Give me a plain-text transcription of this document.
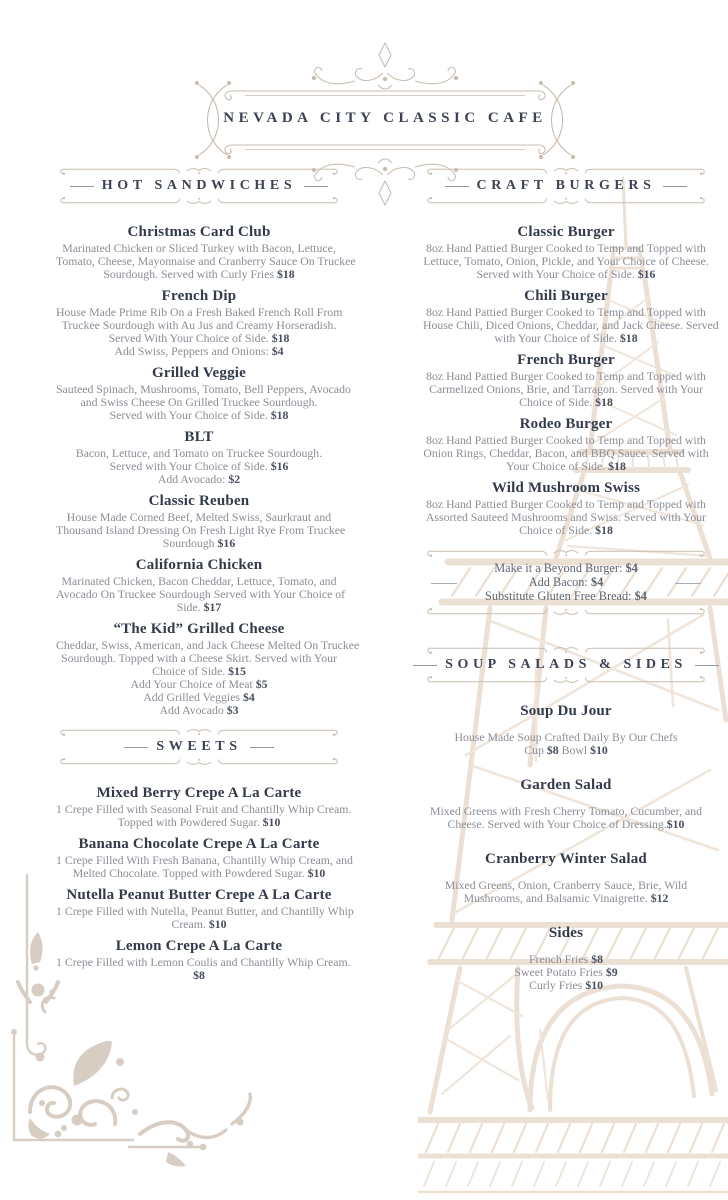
NEVADA CITY CLASSIC CAFE
HOT SANDWICHES
Christmas Card Club
Marinated Chicken or Sliced Turkey with Bacon, Lettuce,
Tomato, Cheese, Mayonnaise and Cranberry Sauce On Truckee
Sourdough. Served with Curly Fries $18
French Dip
House Made Prime Rib On a Fresh Baked French Roll From
Truckee Sourdough with Au Jus and Creamy Horseradish.
Served With Your Choice of Side. $18
Add Swiss, Peppers and Onions: $4
Grilled Veggie
Sauteed Spinach, Mushrooms, Tomato, Bell Peppers, Avocado
and Swiss Cheese On Grilled Truckee Sourdough.
Served with Your Choice of Side. $18
BLT
Bacon, Lettuce, and Tomato on Truckee Sourdough.
Served with Your Choice of Side. $16
Add Avocado: $2
Classic Reuben
House Made Corned Beef, Melted Swiss, Saurkraut and
Thousand Island Dressing On Fresh Light Rye From Truckee
Sourdough $16
California Chicken
Marinated Chicken, Bacon Cheddar, Lettuce, Tomato, and
Avocado On Truckee Sourdough Served with Your Choice of
Side. $17
“The Kid” Grilled Cheese
Cheddar, Swiss, American, and Jack Cheese Melted On Truckee
Sourdough. Topped with a Cheese Skirt. Served with Your
Choice of Side. $15
Add Your Choice of Meat $5
Add Grilled Veggies $4
Add Avocado $3
SWEETS
Mixed Berry Crepe A La Carte
1 Crepe Filled with Seasonal Fruit and Chantilly Whip Cream.
Topped with Powdered Sugar. $10
Banana Chocolate Crepe A La Carte
1 Crepe Filled With Fresh Banana, Chantilly Whip Cream, and
Melted Chocolate. Topped with Powdered Sugar. $10
Nutella Peanut Butter Crepe A La Carte
1 Crepe Filled with Nutella, Peanut Butter, and Chantilly Whip
Cream. $10
Lemon Crepe A La Carte
1 Crepe Filled with Lemon Coulis and Chantilly Whip Cream.
$8
CRAFT BURGERS
Classic Burger
8oz Hand Pattied Burger Cooked to Temp and Topped with
Lettuce, Tomato, Onion, Pickle, and Your Choice of Cheese.
Served with Your Choice of Side. $16
Chili Burger
8oz Hand Pattied Burger Cooked to Temp and Topped with
House Chili, Diced Onions, Cheddar, and Jack Cheese. Served
with Your Choice of Side. $18
French Burger
8oz Hand Pattied Burger Cooked to Temp and Topped with
Carmelized Onions, Brie, and Tarragon. Served with Your
Choice of Side. $18
Rodeo Burger
8oz Hand Pattied Burger Cooked to Temp and Topped with
Onion Rings, Cheddar, Bacon, and BBQ Sauce. Served with
Your Choice of Side. $18
Wild Mushroom Swiss
8oz Hand Pattied Burger Cooked to Temp and Topped with
Assorted Sauteed Mushrooms and Swiss. Served with Your
Choice of Side. $18
Make it a Beyond Burger: $4
Add Bacon: $4
Substitute Gluten Free Bread: $4
SOUP SALADS & SIDES
Soup Du Jour
House Made Soup Crafted Daily By Our Chefs
Cup $8 Bowl $10
Garden Salad
Mixed Greens with Fresh Cherry Tomato, Cucumber, and
Cheese. Served with Your Choice of Dressing.$10
Cranberry Winter Salad
Mixed Greens, Onion, Cranberry Sauce, Brie, Wild
Mushrooms, and Balsamic Vinaigrette. $12
Sides
French Fries $8
Sweet Potato Fries $9
Curly Fries $10
